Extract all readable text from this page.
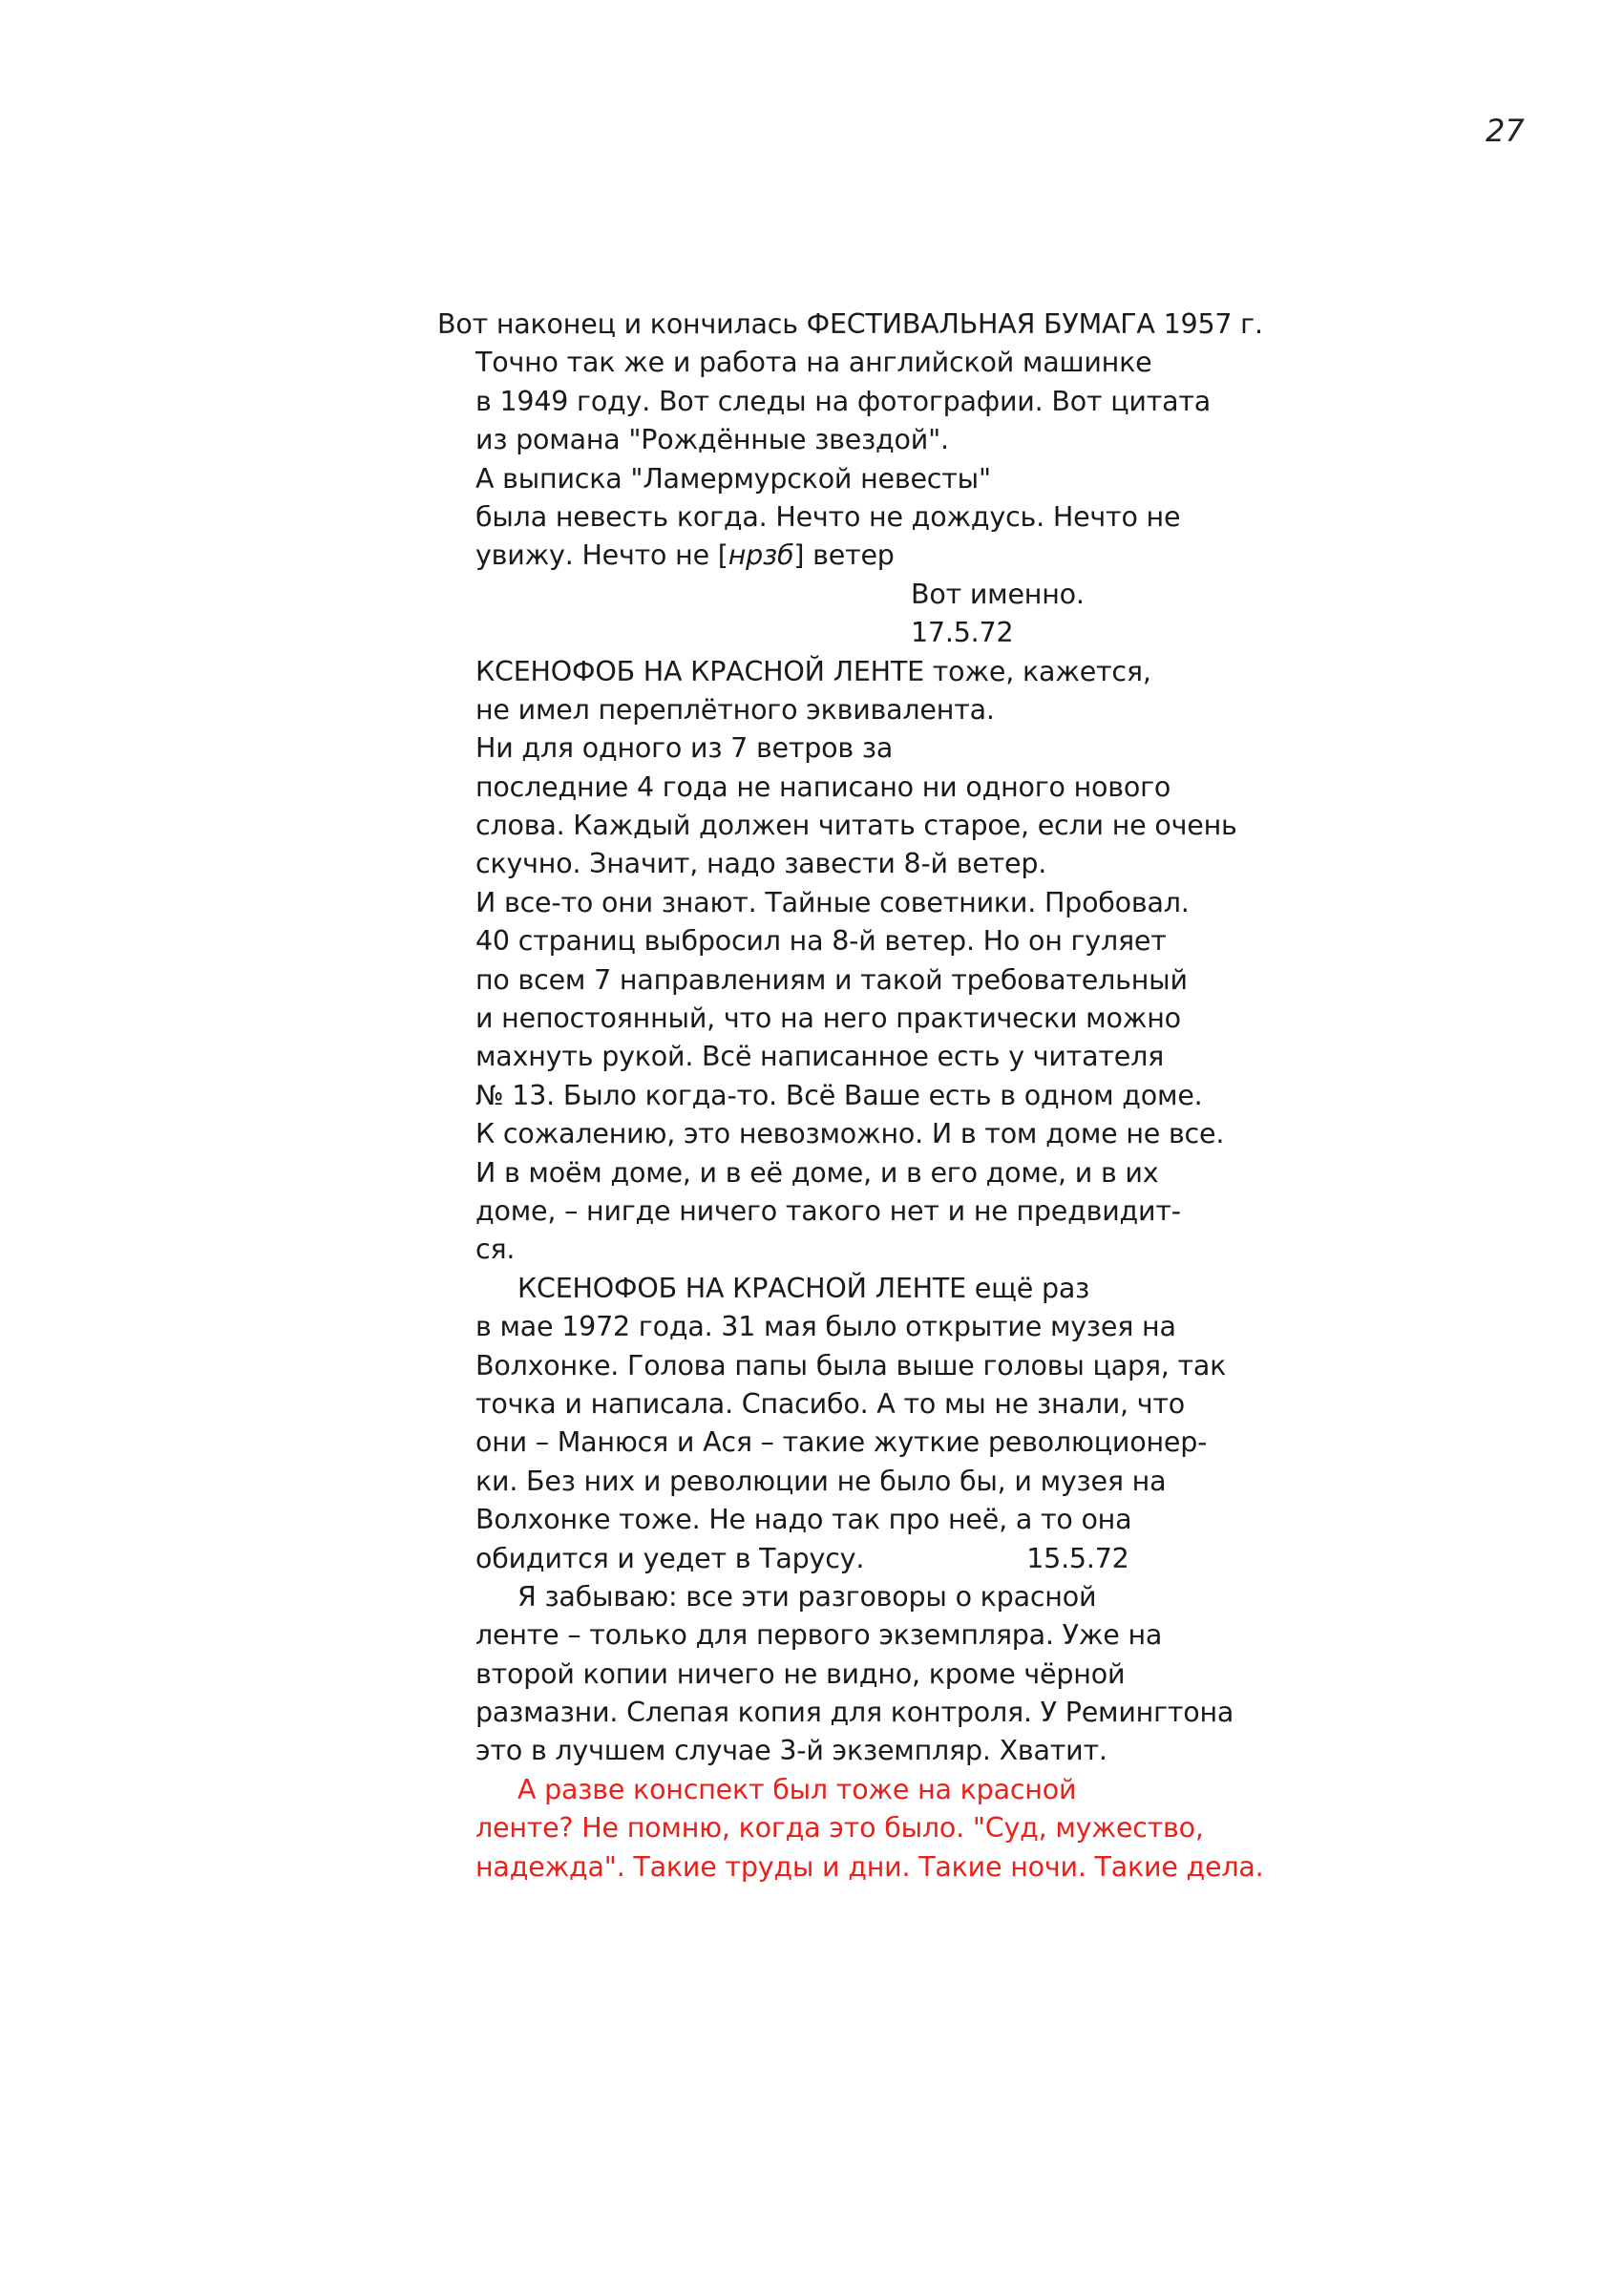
27
Вот наконец и кончилась ФЕСТИВАЛЬНАЯ БУМАГА 1957 г.
Точно так же и работа на английской машинке
в 1949 году. Вот следы на фотографии. Вот цитата
из романа "Рождённые звездой".
А выписка "Ламермурской невесты"
была невесть когда. Нечто не дождусь. Нечто не
увижу. Нечто не [нрзб] ветер
Вот именно.
17.5.72
КСЕНОФОБ НА КРАСНОЙ ЛЕНТЕ тоже, кажется,
не имел переплётного эквивалента.
Ни для одного из 7 ветров за
последние 4 года не написано ни одного нового
слова. Каждый должен читать старое, если не очень
скучно. Значит, надо завести 8-й ветер.
И все-то они знают. Тайные советники. Пробовал.
40 страниц выбросил на 8-й ветер. Но он гуляет
по всем 7 направлениям и такой требовательный
и непостоянный, что на него практически можно
махнуть рукой. Всё написанное есть у читателя
№ 13. Было когда-то. Всё Ваше есть в одном доме.
К сожалению, это невозможно. И в том доме не все.
И в моём доме, и в её доме, и в его доме, и в их
доме, – нигде ничего такого нет и не предвидит-
ся.
КСЕНОФОБ НА КРАСНОЙ ЛЕНТЕ ещё раз
в мае 1972 года. 31 мая было открытие музея на
Волхонке. Голова папы была выше головы царя, так
точка и написала. Спасибо. А то мы не знали, что
они – Манюся и Ася – такие жуткие революционер-
ки. Без них и революции не было бы, и музея на
Волхонке тоже. Не надо так про неё, а то она
обидится и уедет в Тарусу.	15.5.72
Я забываю: все эти разговоры о красной
ленте – только для первого экземпляра. Уже на
второй копии ничего не видно, кроме чёрной
размазни. Слепая копия для контроля. У Ремингтона
это в лучшем случае 3-й экземпляр. Хватит.
А разве конспект был тоже на красной
ленте? Не помню, когда это было. "Суд, мужество,
надежда". Такие труды и дни. Такие ночи. Такие дела.
